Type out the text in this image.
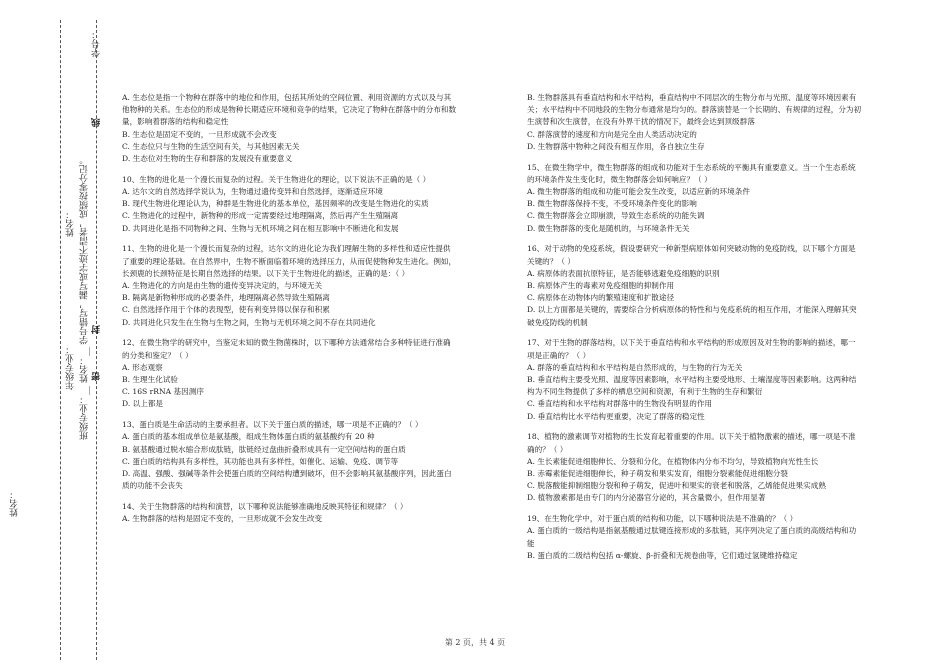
学号：
班级专业：__ 姓名：__ 学号错写，漏写或字迹不清者，成绩按零分记。
线
封
密
姓名：
年级专业：
姓名：

A. 生态位是指一个物种在群落中的地位和作用，包括其所处的空间位置、利用资源的方式以及与其他物种的关系。生态位的形成是物种长期适应环境和竞争的结果，它决定了物种在群落中的分布和数量，影响着群落的结构和稳定性

B. 生态位是固定不变的，一旦形成就不会改变

C. 生态位只与生物的生活空间有关，与其他因素无关

D. 生态位对生物的生存和群落的发展没有重要意义

10、生物的进化是一个漫长而复杂的过程。关于生物进化的理论，以下说法不正确的是（ ）

A. 达尔文的自然选择学说认为，生物通过遗传变异和自然选择，逐渐适应环境

B. 现代生物进化理论认为，种群是生物进化的基本单位，基因频率的改变是生物进化的实质

C. 生物进化的过程中，新物种的形成一定需要经过地理隔离，然后再产生生殖隔离

D. 共同进化是指不同物种之间、生物与无机环境之间在相互影响中不断进化和发展

11、生物的进化是一个漫长而复杂的过程，达尔文的进化论为我们理解生物的多样性和适应性提供了重要的理论基础。在自然界中，生物不断面临着环境的选择压力，从而促使物种发生进化。例如，长颈鹿的长颈特征是长期自然选择的结果。以下关于生物进化的描述，正确的是：（ ）

A. 生物进化的方向是由生物的遗传变异决定的，与环境无关

B. 隔离是新物种形成的必要条件，地理隔离必然导致生殖隔离

C. 自然选择作用于个体的表现型，使有利变异得以保存和积累

D. 共同进化只发生在生物与生物之间，生物与无机环境之间不存在共同进化

12、在微生物学的研究中，当鉴定未知的微生物菌株时，以下哪种方法通常结合多种特征进行准确的分类和鉴定？（ ）

A. 形态观察

B. 生理生化试验

C. 16S rRNA 基因测序

D. 以上都是

13、蛋白质是生命活动的主要承担者。以下关于蛋白质的描述，哪一项是不正确的？（ ）

A. 蛋白质的基本组成单位是氨基酸，组成生物体蛋白质的氨基酸约有 20 种

B. 氨基酸通过脱水缩合形成肽链，肽链经过盘曲折叠形成具有一定空间结构的蛋白质

C. 蛋白质的结构具有多样性，其功能也具有多样性，如催化、运输、免疫、调节等

D. 高温、强酸、强碱等条件会使蛋白质的空间结构遭到破坏，但不会影响其氨基酸序列，因此蛋白质的功能不会丧失

14、关于生物群落的结构和演替，以下哪种说法能够准确地反映其特征和规律？（ ）

A. 生物群落的结构是固定不变的，一旦形成就不会发生改变

B. 生物群落具有垂直结构和水平结构，垂直结构中不同层次的生物分布与光照、温度等环境因素有关；水平结构中不同地段的生物分布通常是均匀的。群落演替是一个长期的、有规律的过程，分为初生演替和次生演替，在没有外界干扰的情况下，最终会达到顶级群落

C. 群落演替的速度和方向是完全由人类活动决定的

D. 生物群落中物种之间没有相互作用，各自独立生存

15、在微生物学中，微生物群落的组成和功能对于生态系统的平衡具有重要意义。当一个生态系统的环境条件发生变化时，微生物群落会如何响应？（ ）

A. 微生物群落的组成和功能可能会发生改变，以适应新的环境条件

B. 微生物群落保持不变，不受环境条件变化的影响

C. 微生物群落会立即崩溃，导致生态系统的功能失调

D. 微生物群落的变化是随机的，与环境条件无关

16、对于动物的免疫系统，假设要研究一种新型病原体如何突破动物的免疫防线，以下哪个方面是关键的？（ ）

A. 病原体的表面抗原特征，是否能够逃避免疫细胞的识别

B. 病原体产生的毒素对免疫细胞的抑制作用

C. 病原体在动物体内的繁殖速度和扩散途径

D. 以上方面都是关键的，需要综合分析病原体的特性和与免疫系统的相互作用，才能深入理解其突破免疫防线的机制

17、对于生物的群落结构，以下关于垂直结构和水平结构的形成原因及对生物的影响的描述，哪一项是正确的？（ ）

A. 群落的垂直结构和水平结构是自然形成的，与生物的行为无关

B. 垂直结构主要受光照、温度等因素影响，水平结构主要受地形、土壤湿度等因素影响。这两种结构为不同生物提供了多样的栖息空间和资源，有利于生物的生存和繁衍

C. 垂直结构和水平结构对群落中的生物没有明显的作用

D. 垂直结构比水平结构更重要，决定了群落的稳定性

18、植物的激素调节对植物的生长发育起着重要的作用。以下关于植物激素的描述，哪一项是不准确的？（ ）

A. 生长素能促进细胞伸长、分裂和分化，在植物体内分布不均匀，导致植物向光性生长

B. 赤霉素能促进细胞伸长，种子萌发和果实发育，细胞分裂素能促进细胞分裂

C. 脱落酸能抑制细胞分裂和种子萌发，促进叶和果实的衰老和脱落，乙烯能促进果实成熟

D. 植物激素都是由专门的内分泌器官分泌的，其含量微小，但作用显著

19、在生物化学中，对于蛋白质的结构和功能，以下哪种说法是不准确的？（ ）

A. 蛋白质的一级结构是指氨基酸通过肽键连接形成的多肽链，其序列决定了蛋白质的高级结构和功能

B. 蛋白质的二级结构包括 α-螺旋、β-折叠和无规卷曲等，它们通过氢键维持稳定

第 2 页，共 4 页
